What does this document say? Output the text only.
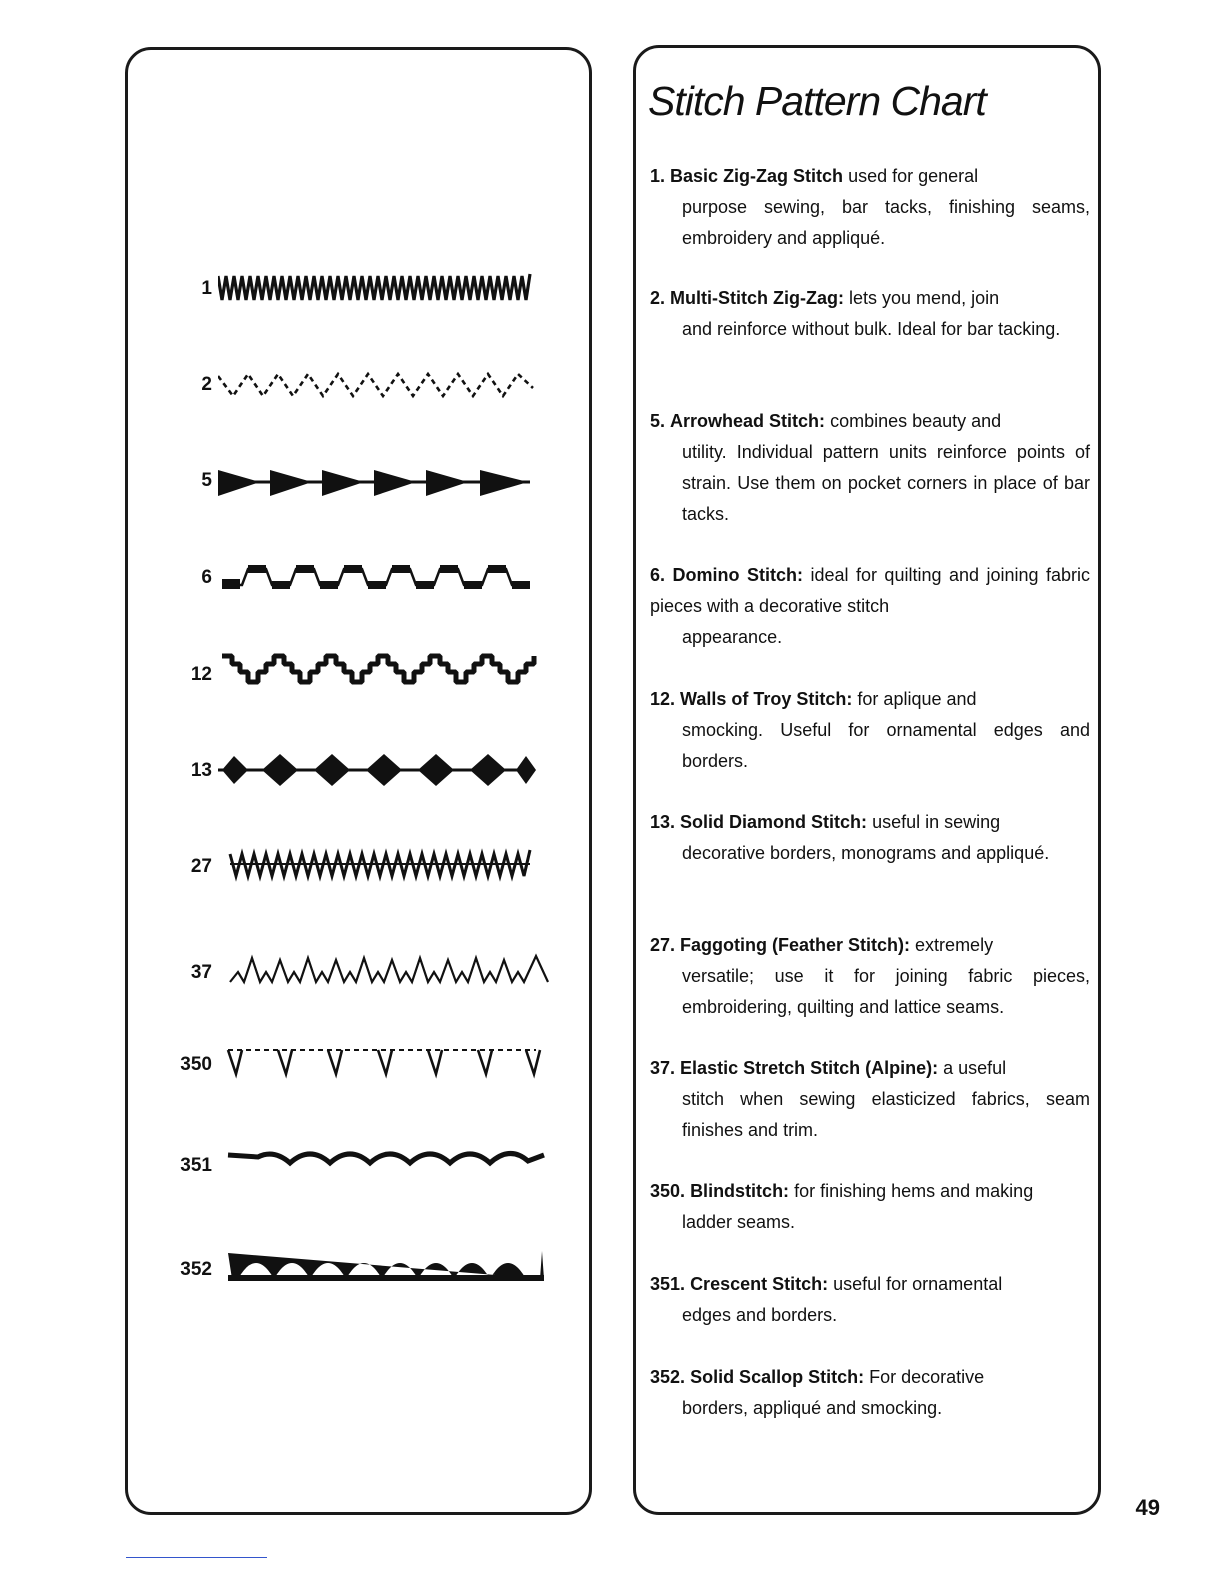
1
2
5
6
12
13
27
37
350
351
352
Stitch Pattern Chart
1. Basic Zig-Zag Stitch used for general
purpose sewing, bar tacks, finishing seams, embroidery and appliqué.
2. Multi-Stitch Zig-Zag: lets you mend, join
and reinforce without bulk. Ideal for bar tacking.
5. Arrowhead Stitch: combines beauty and
utility. Individual pattern units reinforce points of strain. Use them on pocket corners in place of bar tacks.
6. Domino Stitch: ideal for quilting and joining fabric pieces with a decorative stitch
appearance.
12. Walls of Troy Stitch: for aplique and
smocking. Useful for ornamental edges and borders.
13. Solid Diamond Stitch: useful in sewing
decorative borders, monograms and appliqué.
27. Faggoting (Feather Stitch): extremely
versatile; use it for joining fabric pieces, embroidering, quilting and lattice seams.
37. Elastic Stretch Stitch (Alpine): a useful
stitch when sewing elasticized fabrics, seam finishes and trim.
350. Blindstitch: for finishing hems and making
ladder seams.
351. Crescent Stitch: useful for ornamental
edges and borders.
352. Solid Scallop Stitch: For decorative
borders, appliqué and smocking.
49
